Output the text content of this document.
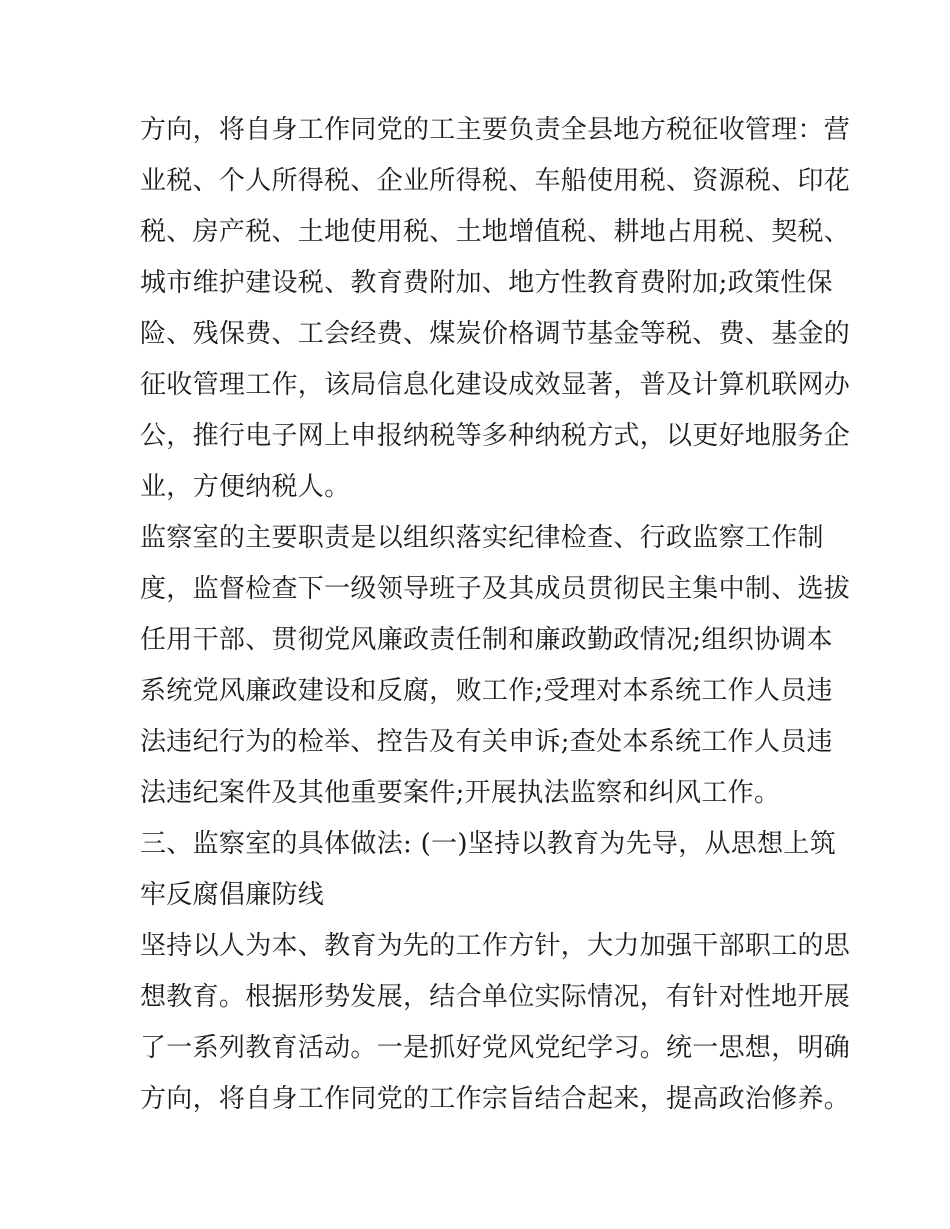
方向，将自身工作同党的工主要负责全县地方税征收管理：营

业税、个人所得税、企业所得税、车船使用税、资源税、印花

税、房产税、土地使用税、土地增值税、耕地占用税、契税、

城市维护建设税、教育费附加、地方性教育费附加;政策性保

险、残保费、工会经费、煤炭价格调节基金等税、费、基金的

征收管理工作，该局信息化建设成效显著，普及计算机联网办

公，推行电子网上申报纳税等多种纳税方式，以更好地服务企

业，方便纳税人。

监察室的主要职责是以组织落实纪律检查、行政监察工作制

度，监督检查下一级领导班子及其成员贯彻民主集中制、选拔

任用干部、贯彻党风廉政责任制和廉政勤政情况;组织协调本

系统党风廉政建设和反腐，败工作;受理对本系统工作人员违

法违纪行为的检举、控告及有关申诉;查处本系统工作人员违

法违纪案件及其他重要案件;开展执法监察和纠风工作。

三、监察室的具体做法: (一)坚持以教育为先导，从思想上筑

牢反腐倡廉防线

坚持以人为本、教育为先的工作方针，大力加强干部职工的思

想教育。根据形势发展，结合单位实际情况，有针对性地开展

了一系列教育活动。一是抓好党风党纪学习。统一思想，明确

方向，将自身工作同党的工作宗旨结合起来，提高政治修养。
